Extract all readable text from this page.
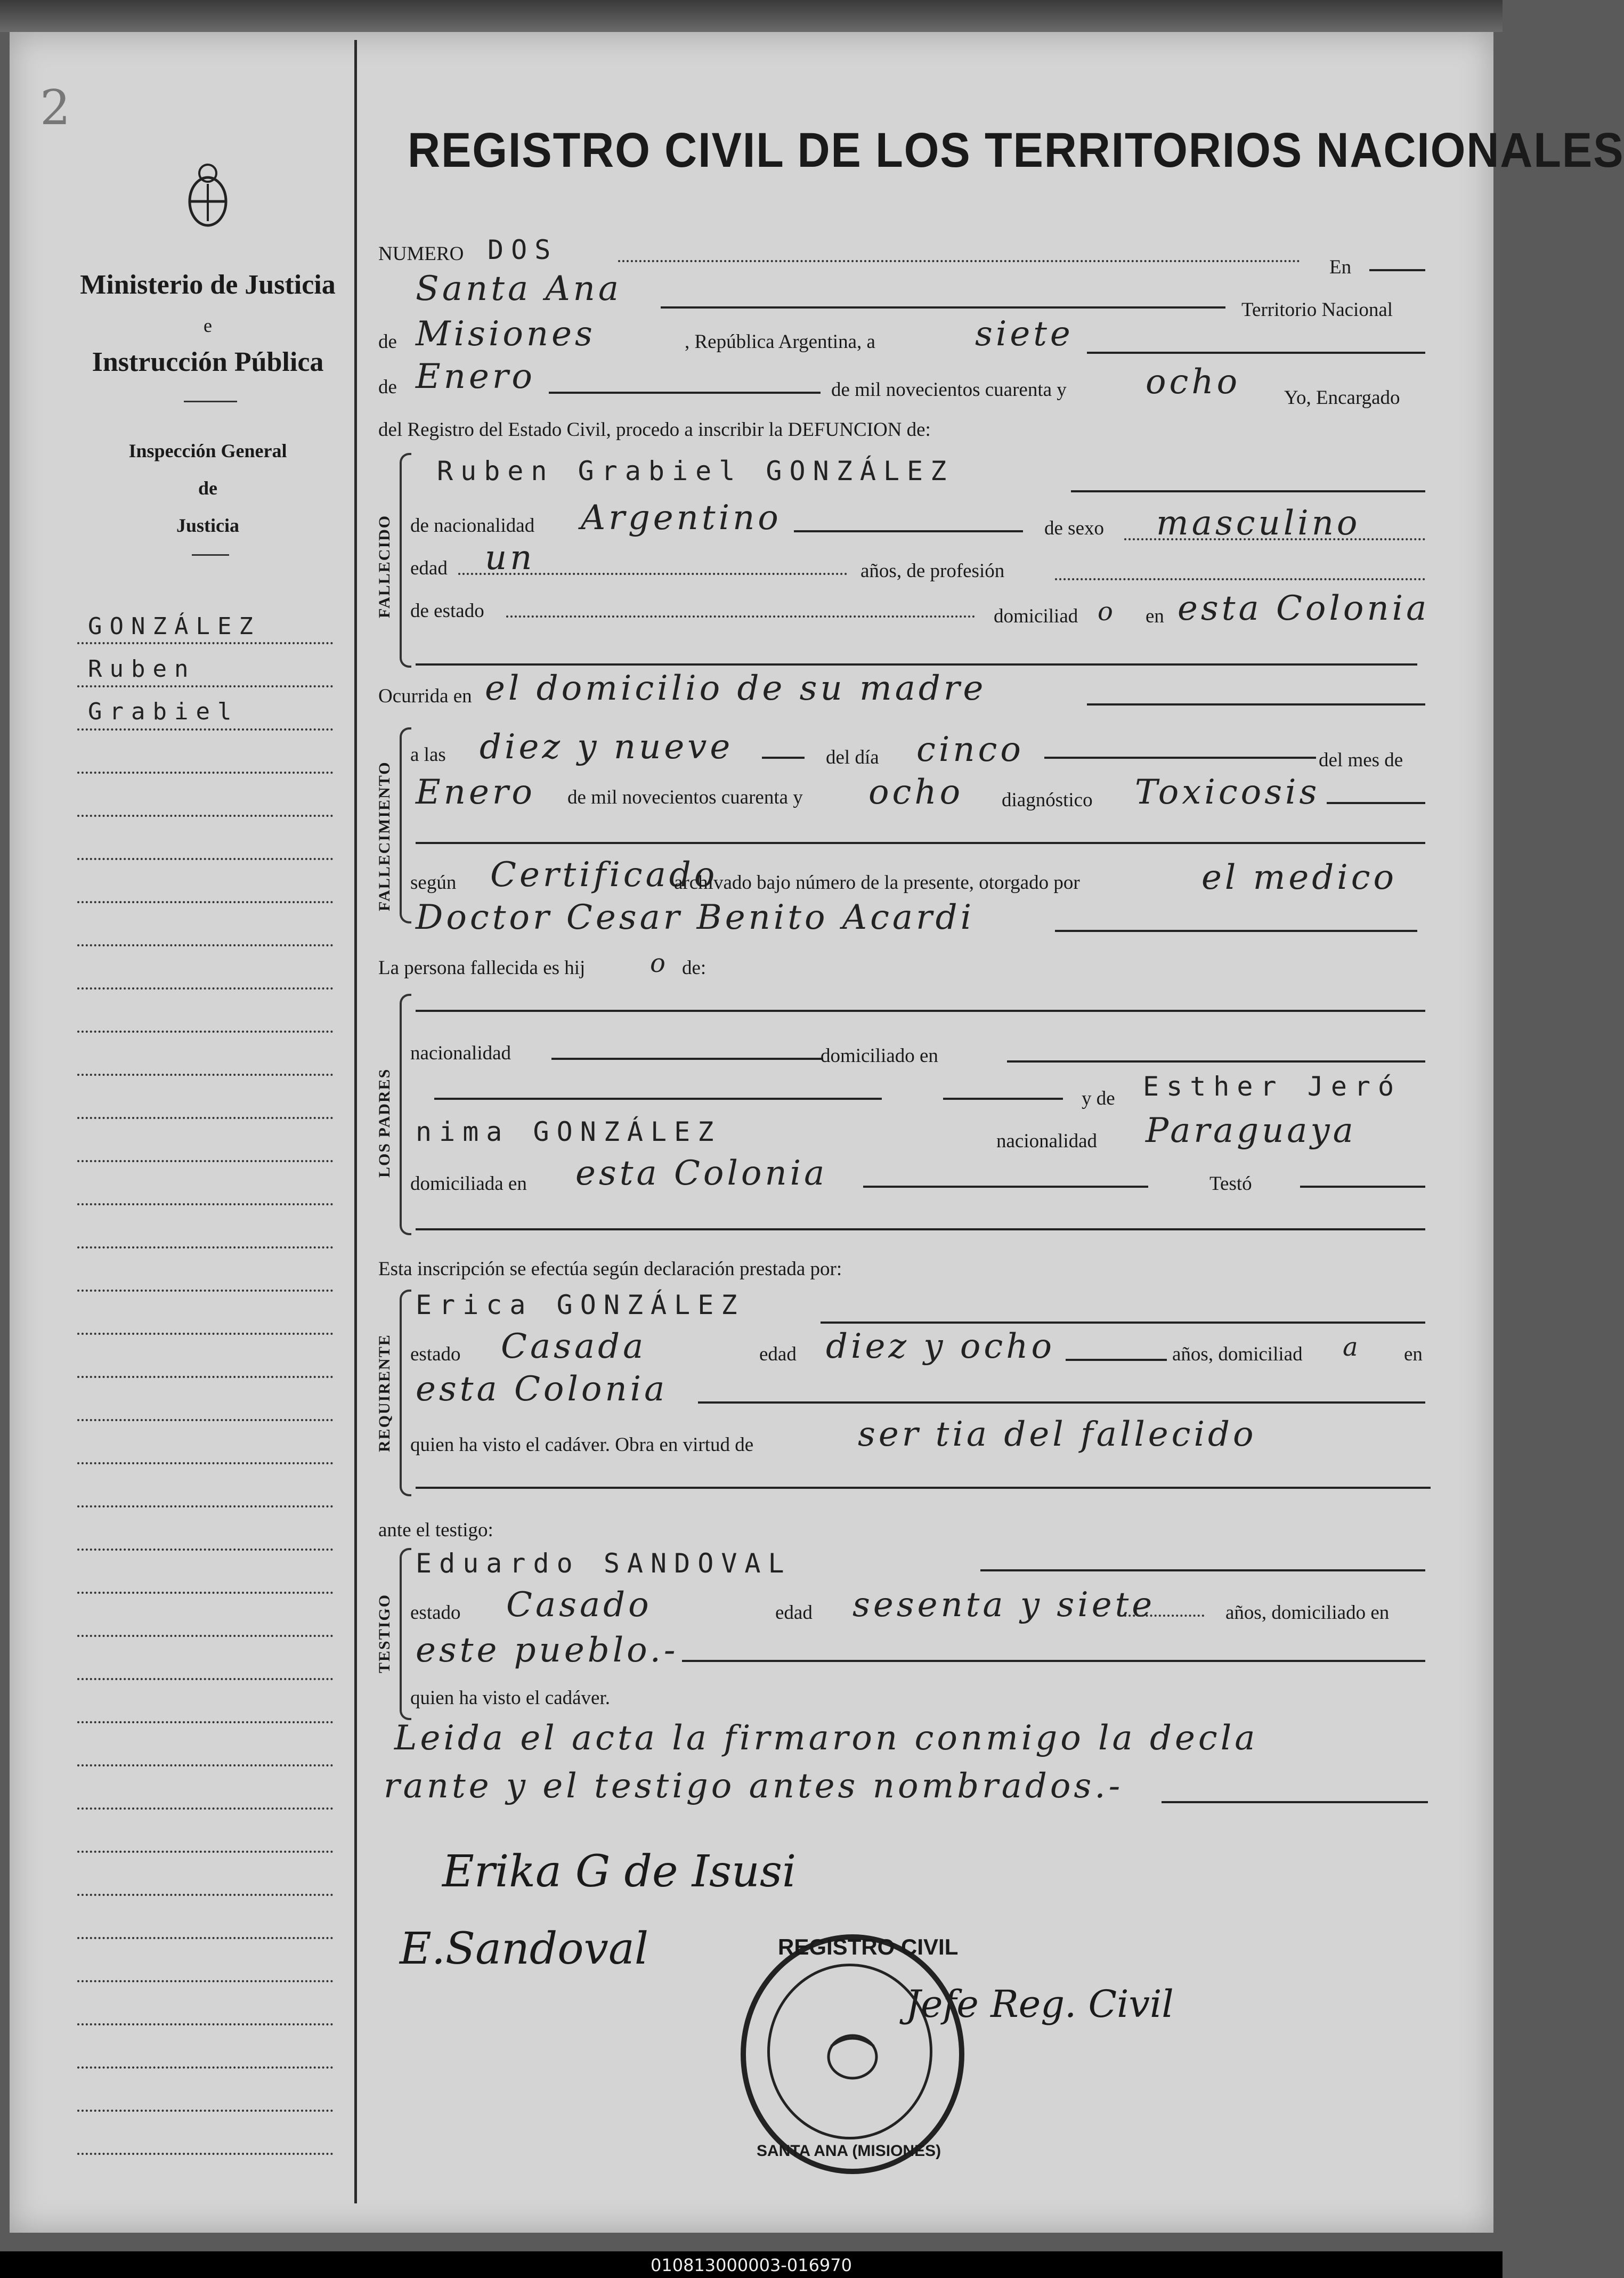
2
Ministerio de Justicia
e
Instrucción Pública
Inspección General
de
Justicia
GONZÁLEZ
Ruben
Grabiel
REGISTRO CIVIL DE LOS TERRITORIOS NACIONALES
NUMERO DOS
En
Santa Ana
Territorio Nacional
de Misiones	, República Argentina, a	siete
de Enero	de mil novecientos cuarenta y ocho Yo, Encargado
del Registro del Estado Civil, procedo a inscribir la DEFUNCION de:
FALLECIDO
Ruben Grabiel GONZÁLEZ
de nacionalidad Argentino	de sexo masculino
edad un	años, de profesión
de estado	domiciliad o en esta Colonia
Ocurrida en el domicilio de su madre
FALLECIMIENTO
a las diez y nueve	del día cinco	del mes de
Enero de mil novecientos cuarenta y ocho diagnóstico Toxicosis
según Certificado
archivado bajo número de la presente, otorgado por	el medico
Doctor Cesar Benito Acardi
La persona fallecida es hij	o de:
LOS PADRES
nacionalidad	domiciliado en
y de Esther Jeró
nima GONZÁLEZ	nacionalidad Paraguaya
domiciliada en esta Colonia	Testó
Esta inscripción se efectúa según declaración prestada por:
REQUIRENTE
Erica GONZÁLEZ
estado Casada	edad diez y ocho	años, domiciliad a en
esta Colonia
quien ha visto el cadáver. Obra en virtud de	ser tia del fallecido
ante el testigo:
TESTIGO
Eduardo SANDOVAL
estado Casado	edad sesenta y siete	años, domiciliado en
este pueblo.-
quien ha visto el cadáver.
Leida el acta la firmaron conmigo la decla
rante y el testigo antes nombrados.-
Erika G de Isusi
E.Sandoval
Jefe Reg. Civil
REGISTRO CIVIL
SANTA ANA (MISIONES)
010813000003-016970
